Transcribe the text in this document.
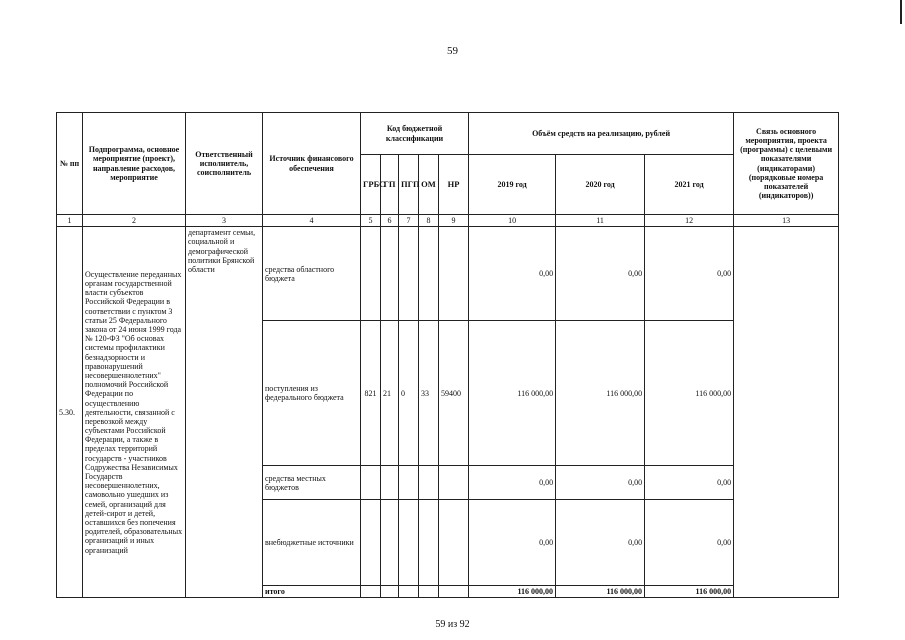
59
№ пп	Подпрограмма, основное мероприятие (проект), направление расходов, мероприятие	Ответственный исполнитель, соисполнитель	Источник финансового обеспечения	Код бюджетной классификации					Объём средств на реализацию, рублей			Связь основного мероприятия, проекта (программы) с целевыми показателями (индикаторами) (порядковые номера показателей (индикаторов))
				ГРБС	ГП	ПГП	ОМ	НР	2019 год	2020 год	2021 год	
1	2	3	4	5	6	7	8	9	10	11	12	13
5.30.	Осуществление переданных органам государственной власти субъектов Российской Федерации в соответствии с пунктом 3 статьи 25 Федерального закона от 24 июня 1999 года № 120-ФЗ "Об основах системы профилактики безнадзорности и правонарушений несовершеннолетних" полномочий Российской Федерации по осуществлению деятельности, связанной с перевозкой между субъектами Российской Федерации, а также в пределах территорий государств - участников Содружества Независимых Государств несовершеннолетних, самовольно ушедших из семей, организаций для детей-сирот и детей, оставшихся без попечения родителей, образовательных организаций и иных организаций	департамент семьи, социальной и демографической политики Брянской области	средства областного бюджета						0,00	0,00	0,00	
			поступления из федерального бюджета	821	21	0	33	59400	116 000,00	116 000,00	116 000,00	
			средства местных бюджетов						0,00	0,00	0,00	
			внебюджетные источники						0,00	0,00	0,00	
			итого						116 000,00	116 000,00	116 000,00	
59 из 92
